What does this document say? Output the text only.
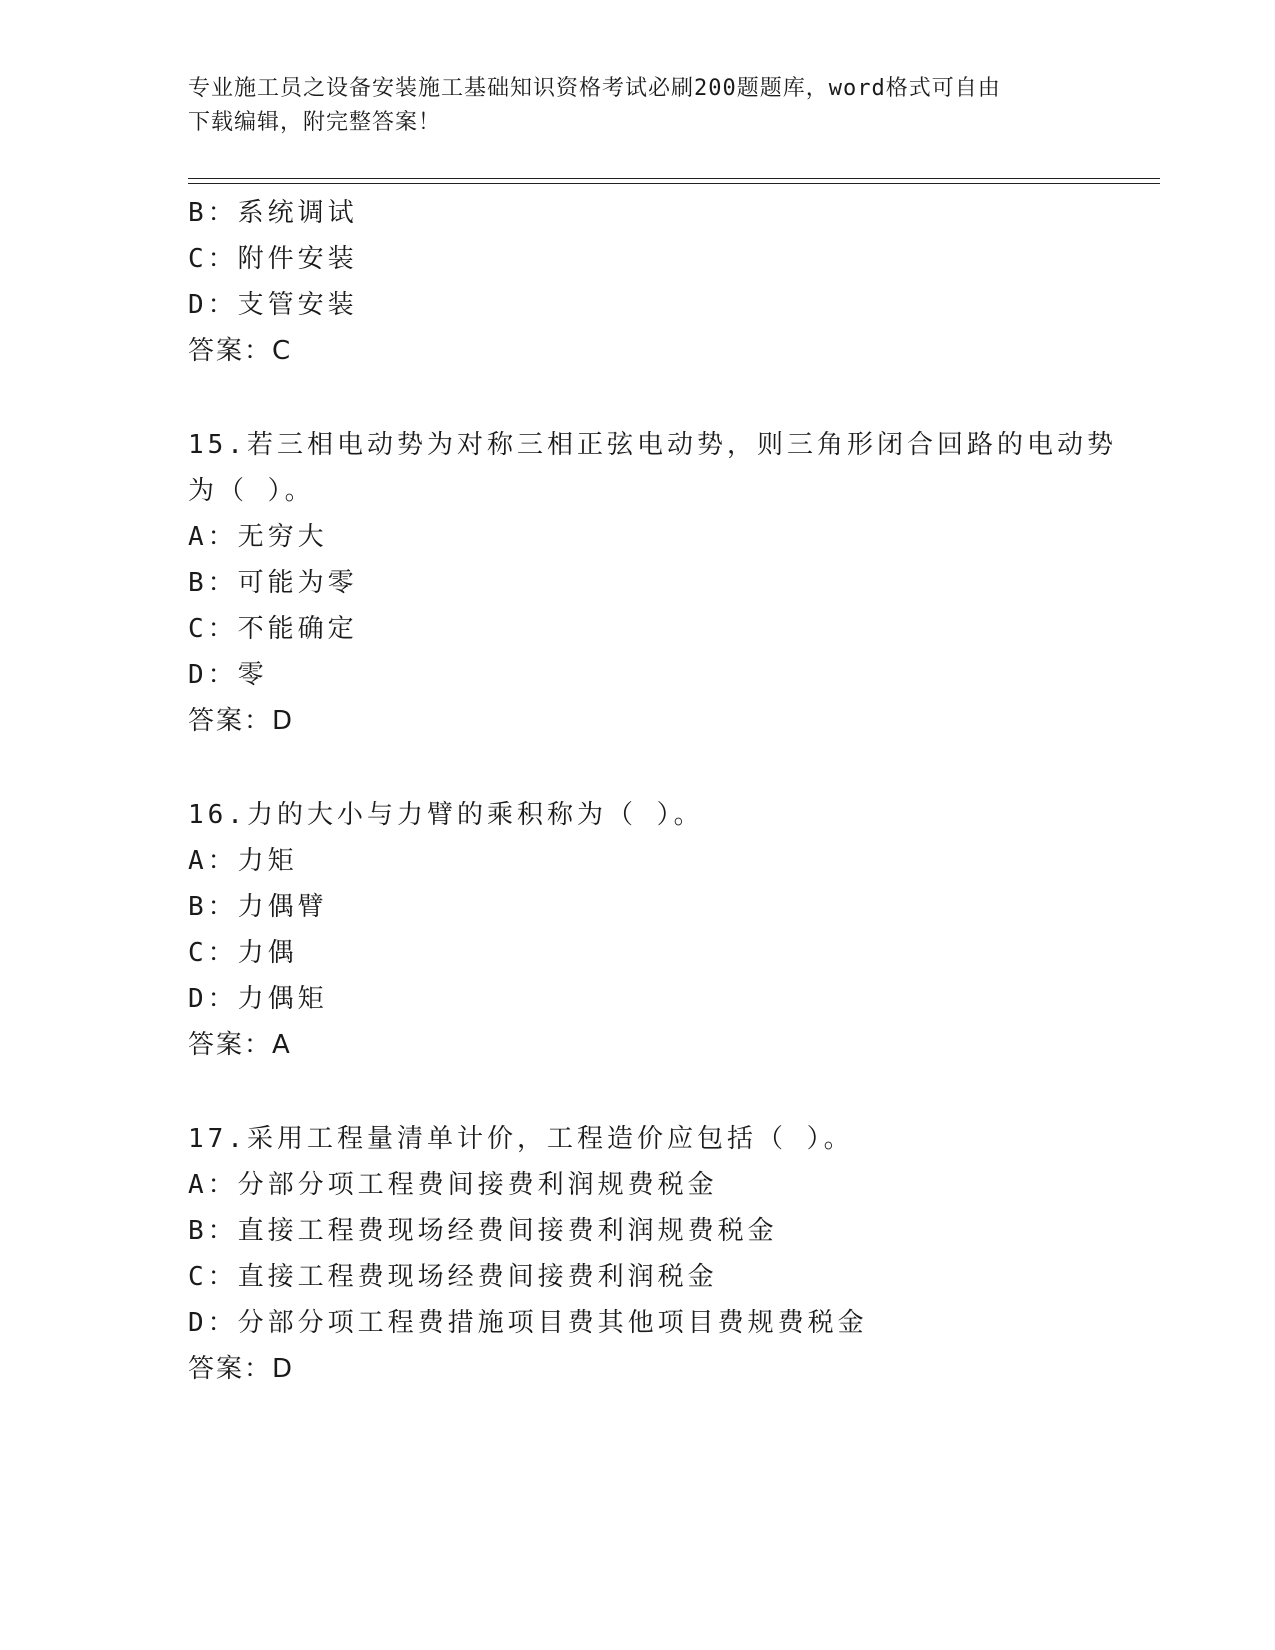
专业施工员之设备安装施工基础知识资格考试必刷200题题库，word格式可自由
下载编辑，附完整答案！
B：系统调试
C：附件安装
D：支管安装
答案：C
15.若三相电动势为对称三相正弦电动势，则三角形闭合回路的电动势
为（ ）。
A：无穷大
B：可能为零
C：不能确定
D：零
答案：D
16.力的大小与力臂的乘积称为（ ）。
A：力矩
B：力偶臂
C：力偶
D：力偶矩
答案：A
17.采用工程量清单计价，工程造价应包括（ ）。
A：分部分项工程费间接费利润规费税金
B：直接工程费现场经费间接费利润规费税金
C：直接工程费现场经费间接费利润税金
D：分部分项工程费措施项目费其他项目费规费税金
答案：D
